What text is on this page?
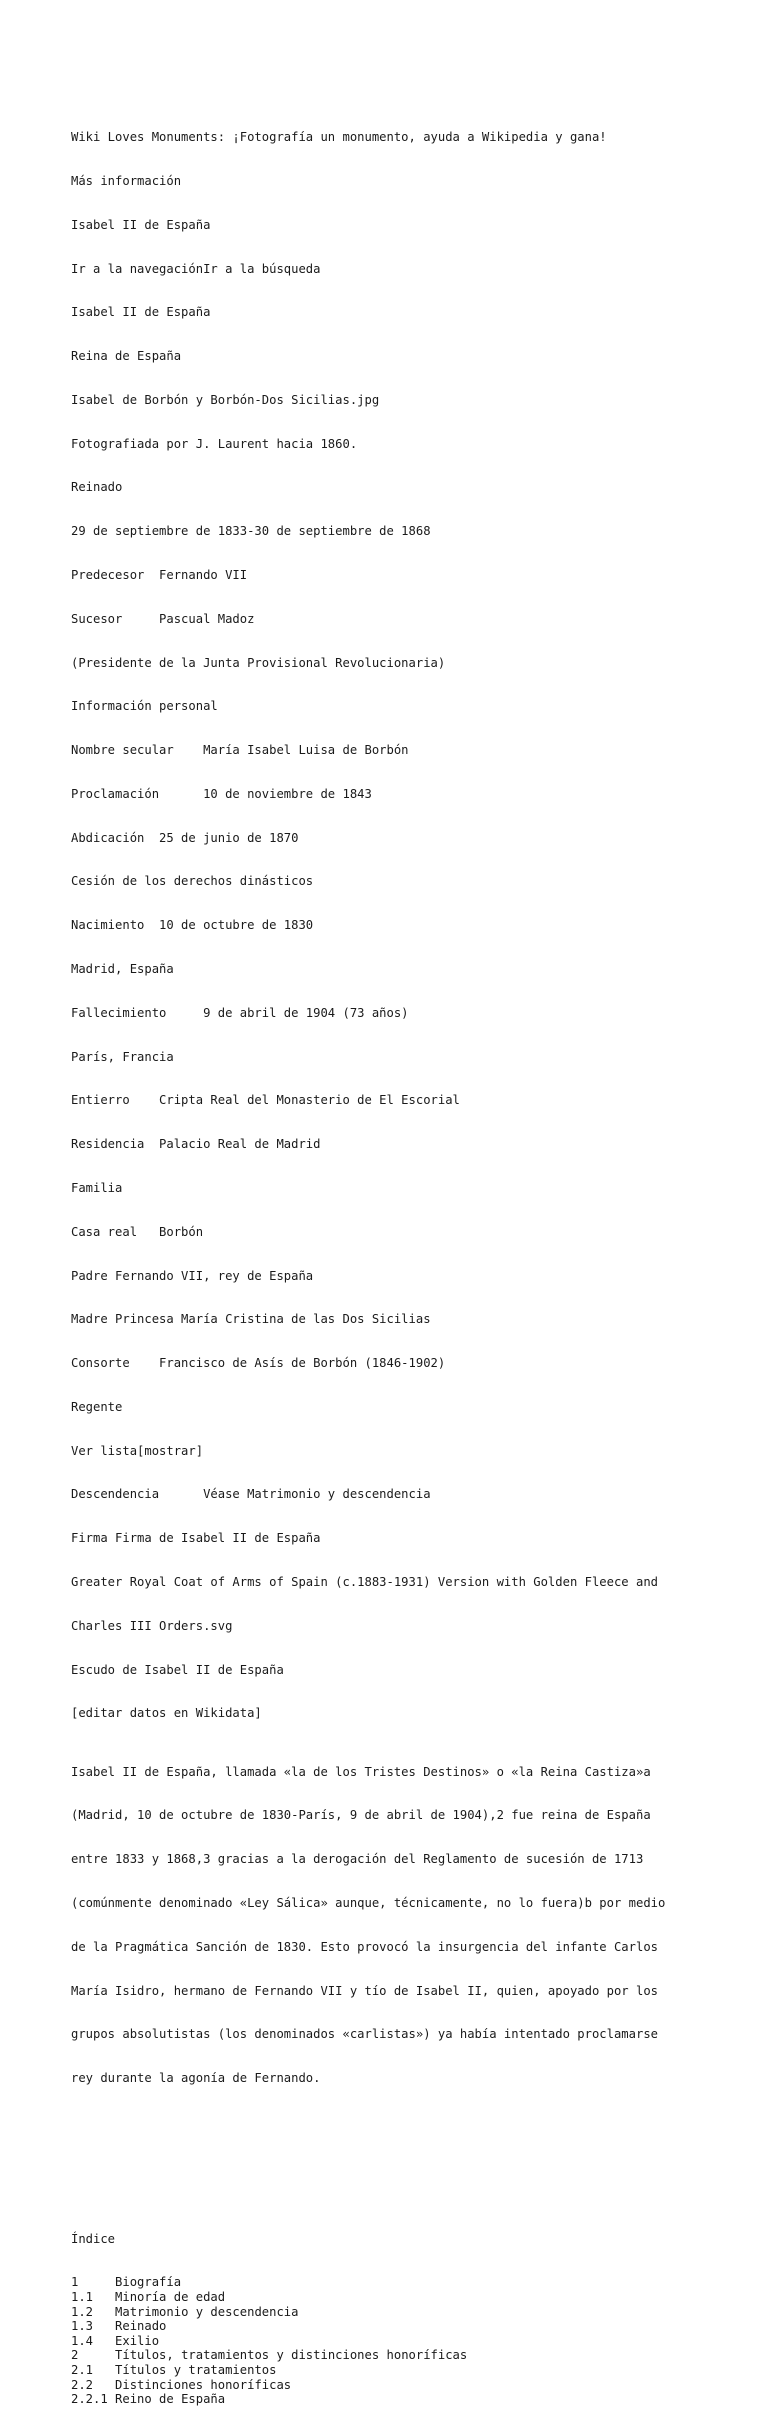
Wiki Loves Monuments: ¡Fotografía un monumento, ayuda a Wikipedia y gana!

Más información

Isabel II de España

Ir a la navegaciónIr a la búsqueda

Isabel II de España

Reina de España

Isabel de Borbón y Borbón-Dos Sicilias.jpg

Fotografiada por J. Laurent hacia 1860.

Reinado

29 de septiembre de 1833-30 de septiembre de 1868

Predecesor  Fernando VII

Sucesor     Pascual Madoz

(Presidente de la Junta Provisional Revolucionaria)

Información personal

Nombre secular    María Isabel Luisa de Borbón

Proclamación      10 de noviembre de 1843

Abdicación  25 de junio de 1870

Cesión de los derechos dinásticos

Nacimiento  10 de octubre de 1830

Madrid, España

Fallecimiento     9 de abril de 1904 (73 años)

París, Francia

Entierro    Cripta Real del Monasterio de El Escorial

Residencia  Palacio Real de Madrid

Familia

Casa real   Borbón

Padre Fernando VII, rey de España

Madre Princesa María Cristina de las Dos Sicilias

Consorte    Francisco de Asís de Borbón (1846-1902)

Regente

Ver lista[mostrar]

Descendencia      Véase Matrimonio y descendencia

Firma Firma de Isabel II de España

Greater Royal Coat of Arms of Spain (c.1883-1931) Version with Golden Fleece and

Charles III Orders.svg

Escudo de Isabel II de España

[editar datos en Wikidata]

Isabel II de España, llamada «la de los Tristes Destinos» o «la Reina Castiza»a

(Madrid, 10 de octubre de 1830-París, 9 de abril de 1904),2 fue reina de España

entre 1833 y 1868,3 gracias a la derogación del Reglamento de sucesión de 1713

(comúnmente denominado «Ley Sálica» aunque, técnicamente, no lo fuera)b por medio

de la Pragmática Sanción de 1830. Esto provocó la insurgencia del infante Carlos

María Isidro, hermano de Fernando VII y tío de Isabel II, quien, apoyado por los

grupos absolutistas (los denominados «carlistas») ya había intentado proclamarse

rey durante la agonía de Fernando.

Índice

1     Biografía
1.1   Minoría de edad
1.2   Matrimonio y descendencia
1.3   Reinado
1.4   Exilio
2     Títulos, tratamientos y distinciones honoríficas
2.1   Títulos y tratamientos
2.2   Distinciones honoríficas
2.2.1 Reino de España
